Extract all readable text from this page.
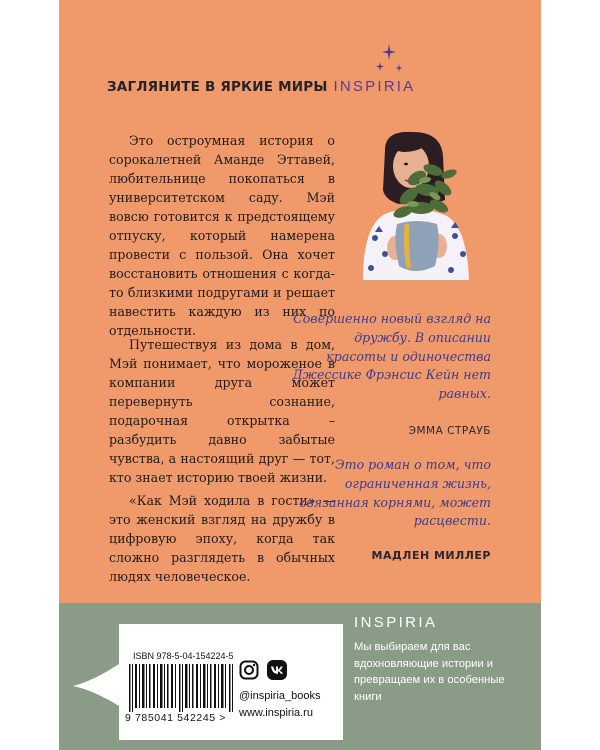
ЗАГЛЯНИТЕ В ЯРКИЕ МИРЫ INSPIRIA

Это остроумная история о сорокалетней Аманде Эттавей, любительнице покопаться в университетском саду. Мэй вовсю готовится к предстоящему отпуску, который намерена провести с пользой. Она хочет восстановить отношения с когда-то близкими подругами и решает навестить каждую из них по отдельности.

Путешествуя из дома в дом, Мэй понимает, что мороженое в компании друга может перевернуть сознание, подарочная открытка – разбудить давно забытые чувства, а настоящий друг — тот, кто знает историю твоей жизни.

«Как Мэй ходила в гости» — это женский взгляд на дружбу в цифровую эпоху, когда так сложно разглядеть в обычных людях человеческое.

Совершенно новый взгляд на дружбу. В описании красоты и одиночества Джессике Фрэнсис Кейн нет равных.
ЭММА СТРАУБ
Это роман о том, что ограниченная жизнь, связанная корнями, может расцвести.
МАДЛЕН МИЛЛЕР
ISBN 978-5-04-154224-5
9 785041 542245 >
@inspiria_books
www.inspiria.ru
INSPIRIA
Мы выбираем для вас вдохновляющие истории и превращаем их в особенные книги
